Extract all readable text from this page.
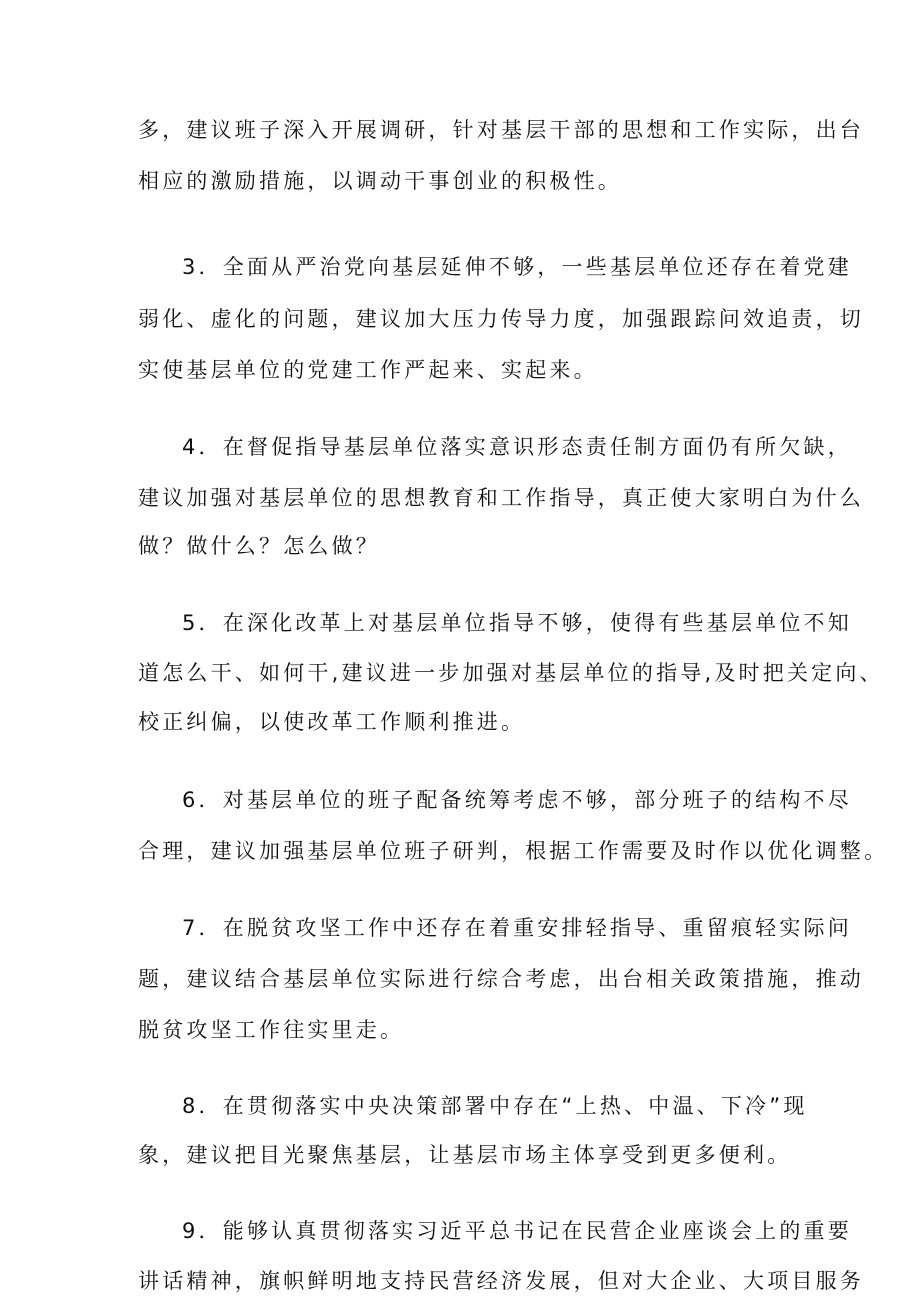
多，建议班子深入开展调研，针对基层干部的思想和工作实际，出台
相应的激励措施，以调动干事创业的积极性。
3．全面从严治党向基层延伸不够，一些基层单位还存在着党建
弱化、虚化的问题，建议加大压力传导力度，加强跟踪问效追责，切
实使基层单位的党建工作严起来、实起来。
4．在督促指导基层单位落实意识形态责任制方面仍有所欠缺，
建议加强对基层单位的思想教育和工作指导，真正使大家明白为什么
做？做什么？怎么做？
5．在深化改革上对基层单位指导不够，使得有些基层单位不知
道怎么干、如何干,建议进一步加强对基层单位的指导,及时把关定向、
校正纠偏，以使改革工作顺利推进。
6．对基层单位的班子配备统筹考虑不够，部分班子的结构不尽
合理，建议加强基层单位班子研判，根据工作需要及时作以优化调整。
7．在脱贫攻坚工作中还存在着重安排轻指导、重留痕轻实际问
题，建议结合基层单位实际进行综合考虑，出台相关政策措施，推动
脱贫攻坚工作往实里走。
8．在贯彻落实中央决策部署中存在“上热、中温、下冷”现
象，建议把目光聚焦基层，让基层市场主体享受到更多便利。
9．能够认真贯彻落实习近平总书记在民营企业座谈会上的重要
讲话精神，旗帜鲜明地支持民营经济发展，但对大企业、大项目服务
